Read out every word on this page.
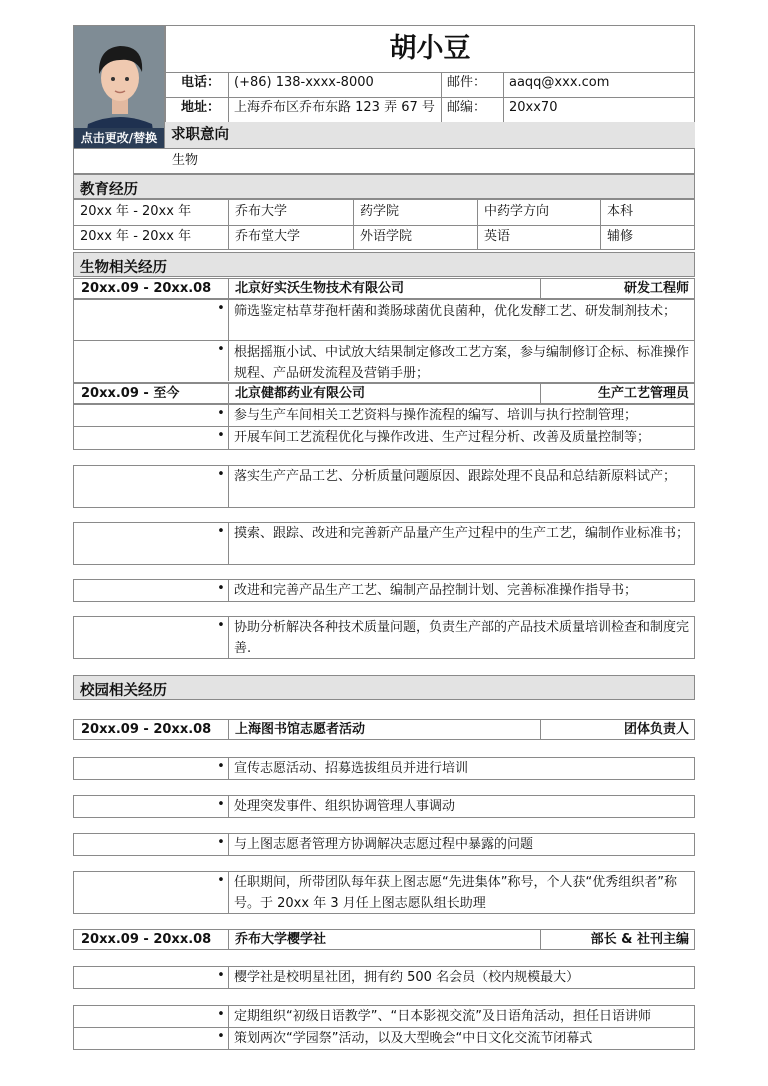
点击更改/替换
胡小豆
电话：	(+86) 138-xxxx-8000	邮件：	aaqq@xxx.com
地址：	上海乔布区乔布东路 123 弄 67 号 邮编：	20xx70
求职意向
生物
教育经历
20xx 年 - 20xx 年	乔布大学	药学院	中药学方向	本科
20xx 年 - 20xx 年	乔布堂大学	外语学院	英语	辅修
生物相关经历
20xx.09 - 20xx.08 北京好实沃生物技术有限公司	研发工程师
• 筛选鉴定枯草芽孢杆菌和粪肠球菌优良菌种，优化发酵工艺、研发制剂技术；
• 根据摇瓶小试、中试放大结果制定修改工艺方案，参与编制修订企标、标准操作规程、产品研发流程及营销手册；
20xx.09 - 至今	北京健都药业有限公司	生产工艺管理员
• 参与生产车间相关工艺资料与操作流程的编写、培训与执行控制管理；
• 开展车间工艺流程优化与操作改进、生产过程分析、改善及质量控制等；
• 落实生产产品工艺、分析质量问题原因、跟踪处理不良品和总结新原料试产；
• 摸索、跟踪、改进和完善新产品量产生产过程中的生产工艺，编制作业标准书；
• 改进和完善产品生产工艺、编制产品控制计划、完善标准操作指导书；
• 协助分析解决各种技术质量问题，负责生产部的产品技术质量培训检查和制度完善.
校园相关经历
20xx.09 - 20xx.08 上海图书馆志愿者活动	团体负责人
• 宣传志愿活动、招募选拔组员并进行培训
• 处理突发事件、组织协调管理人事调动
• 与上图志愿者管理方协调解决志愿过程中暴露的问题
• 任职期间，所带团队每年获上图志愿“先进集体”称号，个人获“优秀组织者”称号。于 20xx 年 3 月任上图志愿队组长助理
20xx.09 - 20xx.08 乔布大学樱学社	部长 & 社刊主编
• 樱学社是校明星社团，拥有约 500 名会员（校内规模最大）
• 定期组织“初级日语教学”、“日本影视交流”及日语角活动，担任日语讲师
• 策划两次“学园祭”活动，以及大型晚会“中日文化交流节闭幕式
